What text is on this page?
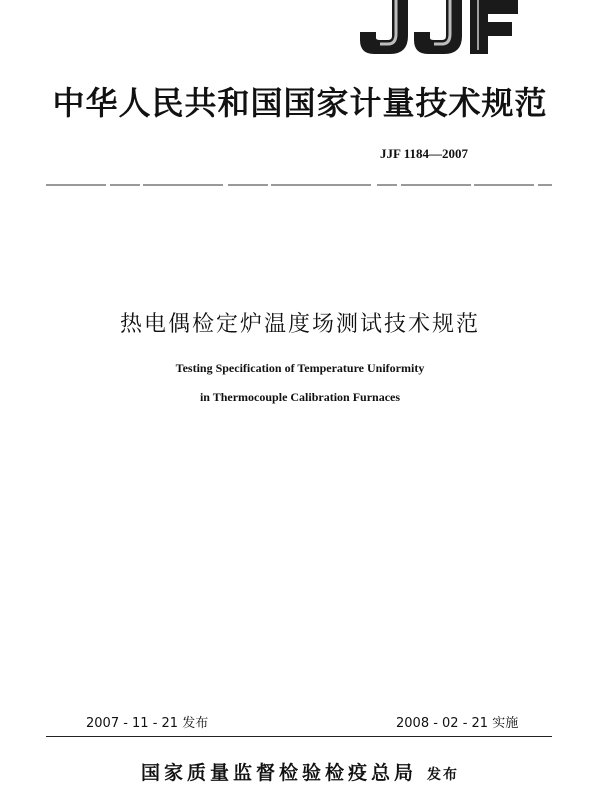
中华人民共和国国家计量技术规范
JJF 1184—2007
热电偶检定炉温度场测试技术规范
Testing Specification of Temperature Uniformity
in Thermocouple Calibration Furnaces
2007 - 11 - 21 发布	2008 - 02 - 21 实施
国家质量监督检验检疫总局 发布
